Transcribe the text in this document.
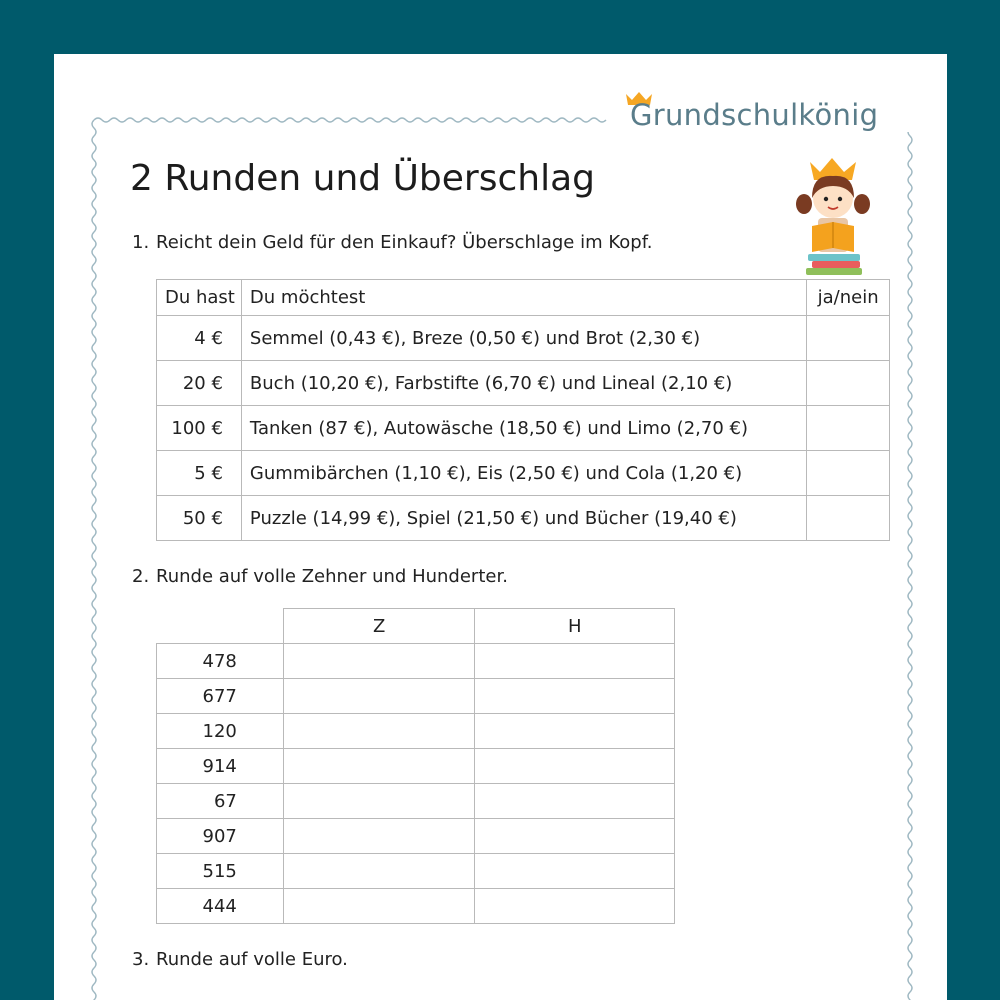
Grundschulkönig
2 Runden und Überschlag
1. Reicht dein Geld für den Einkauf? Überschlage im Kopf.
Du hast	Du möchtest	ja/nein
4 €	Semmel (0,43 €), Breze (0,50 €) und Brot (2,30 €)	
20 €	Buch (10,20 €), Farbstifte (6,70 €) und Lineal (2,10 €)	
100 €	Tanken (87 €), Autowäsche (18,50 €) und Limo (2,70 €)	
5 €	Gummibärchen (1,10 €), Eis (2,50 €) und Cola (1,20 €)	
50 €	Puzzle (14,99 €), Spiel (21,50 €) und Bücher (19,40 €)	
2. Runde auf volle Zehner und Hunderter.
	Z	H
478		
677		
120		
914		
67		
907		
515		
444		
3. Runde auf volle Euro.
